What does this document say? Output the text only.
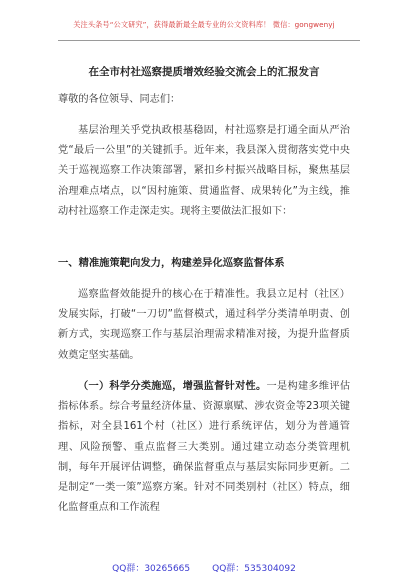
关注头条号“公文研究”，获得最新最全最专业的公文资料库！ 微信：gongwenyj
在全市村社巡察提质增效经验交流会上的汇报发言
尊敬的各位领导、同志们：
基层治理关乎党执政根基稳固，村社巡察是打通全面从严治党“最后一公里”的关键抓手。近年来，我县深入贯彻落实党中央关于巡视巡察工作决策部署，紧扣乡村振兴战略目标，聚焦基层治理难点堵点，以“因村施策、贯通监督、成果转化”为主线，推动村社巡察工作走深走实。现将主要做法汇报如下：
一、精准施策靶向发力，构建差异化巡察监督体系
巡察监督效能提升的核心在于精准性。我县立足村（社区）发展实际，打破“一刀切”监督模式，通过科学分类清单明责、创新方式，实现巡察工作与基层治理需求精准对接，为提升监督质效奠定坚实基础。
（一）科学分类施巡，增强监督针对性。一是构建多维评估指标体系。综合考量经济体量、资源禀赋、涉农资金等23项关键指标，对全县161个村（社区）进行系统评估，划分为普通管理、风险预警、重点监督三大类别。通过建立动态分类管理机制，每年开展评估调整，确保监督重点与基层实际同步更新。二是制定“一类一策”巡察方案。针对不同类别村（社区）特点，细化监督重点和工作流程
QQ群：30265665 QQ群：535304092
